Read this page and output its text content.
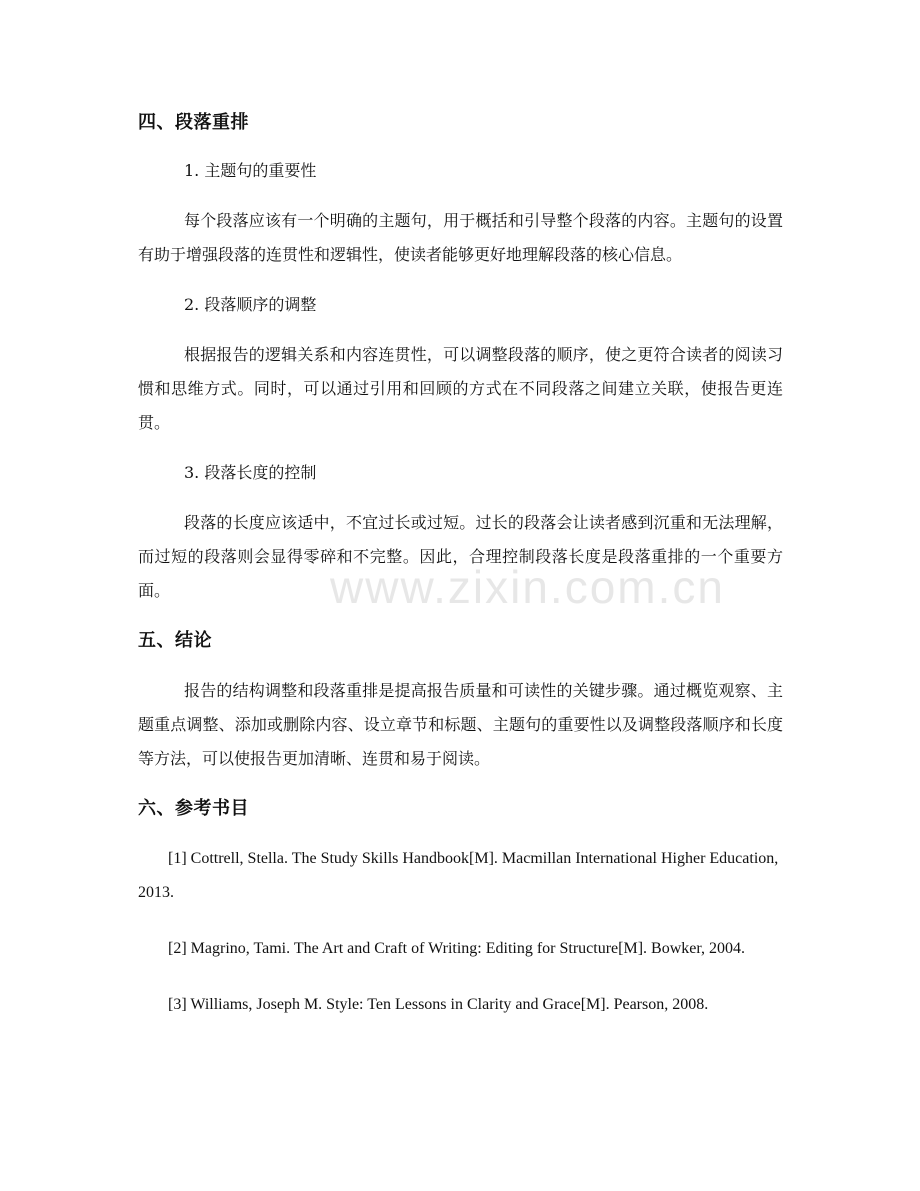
www.zixin.com.cn
四、段落重排

1. 主题句的重要性

每个段落应该有一个明确的主题句，用于概括和引导整个段落的内容。主题句的设置有助于增强段落的连贯性和逻辑性，使读者能够更好地理解段落的核心信息。

2. 段落顺序的调整

根据报告的逻辑关系和内容连贯性，可以调整段落的顺序，使之更符合读者的阅读习惯和思维方式。同时，可以通过引用和回顾的方式在不同段落之间建立关联，使报告更连贯。

3. 段落长度的控制

段落的长度应该适中，不宜过长或过短。过长的段落会让读者感到沉重和无法理解，而过短的段落则会显得零碎和不完整。因此，合理控制段落长度是段落重排的一个重要方面。

五、结论

报告的结构调整和段落重排是提高报告质量和可读性的关键步骤。通过概览观察、主题重点调整、添加或删除内容、设立章节和标题、主题句的重要性以及调整段落顺序和长度等方法，可以使报告更加清晰、连贯和易于阅读。

六、参考书目

[1] Cottrell, Stella. The Study Skills Handbook[M]. Macmillan International Higher Education, 2013.

[2] Magrino, Tami. The Art and Craft of Writing: Editing for Structure[M]. Bowker, 2004.

[3] Williams, Joseph M. Style: Ten Lessons in Clarity and Grace[M]. Pearson, 2008.
